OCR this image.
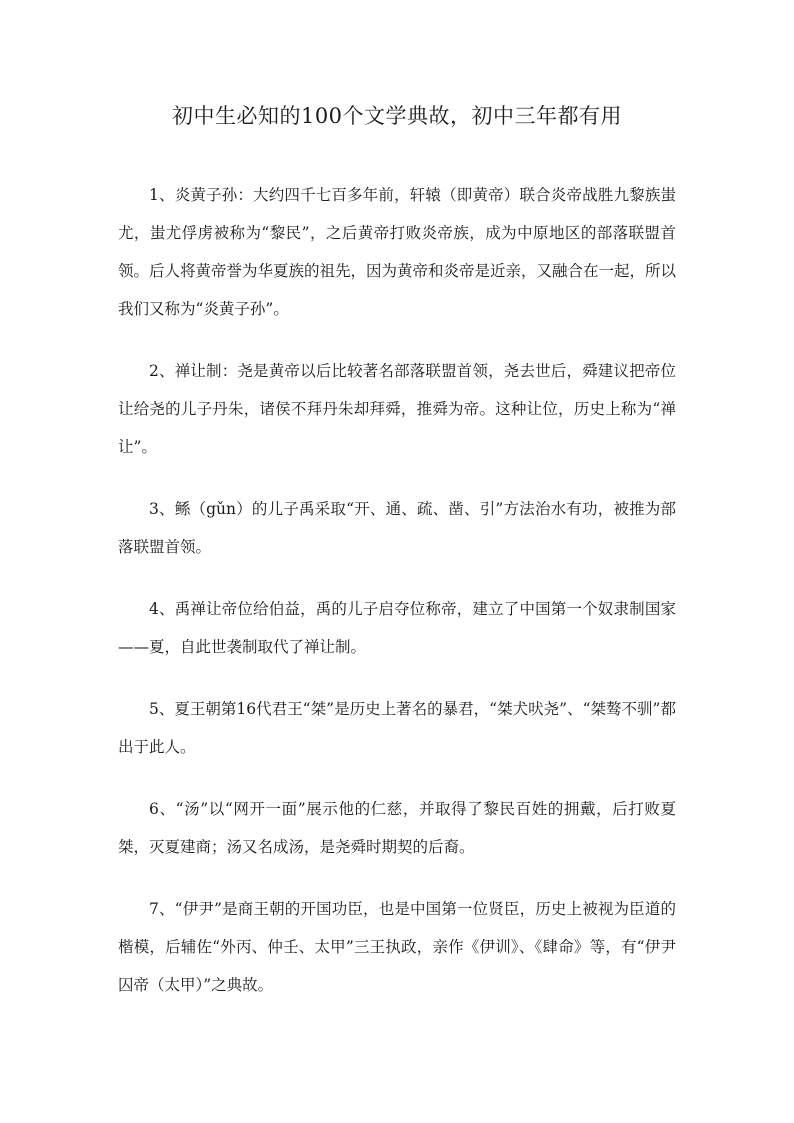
初中生必知的100个文学典故，初中三年都有用

1、炎黄子孙：大约四千七百多年前，轩辕（即黄帝）联合炎帝战胜九黎族蚩尤，蚩尤俘虏被称为“黎民”，之后黄帝打败炎帝族，成为中原地区的部落联盟首领。后人将黄帝誉为华夏族的祖先，因为黄帝和炎帝是近亲，又融合在一起，所以我们又称为“炎黄子孙”。

2、禅让制：尧是黄帝以后比较著名部落联盟首领，尧去世后，舜建议把帝位让给尧的儿子丹朱，诸侯不拜丹朱却拜舜，推舜为帝。这种让位，历史上称为“禅让”。

3、鲧（gǔn）的儿子禹采取“开、通、疏、凿、引”方法治水有功，被推为部落联盟首领。

4、禹禅让帝位给伯益，禹的儿子启夺位称帝，建立了中国第一个奴隶制国家——夏，自此世袭制取代了禅让制。

5、夏王朝第16代君王“桀”是历史上著名的暴君，“桀犬吠尧”、“桀骜不驯”都出于此人。

6、“汤”以“网开一面”展示他的仁慈，并取得了黎民百姓的拥戴，后打败夏桀，灭夏建商；汤又名成汤，是尧舜时期契的后裔。

7、“伊尹”是商王朝的开国功臣，也是中国第一位贤臣，历史上被视为臣道的楷模，后辅佐“外丙、仲壬、太甲”三王执政，亲作《伊训》、《肆命》等，有“伊尹囚帝（太甲）”之典故。
